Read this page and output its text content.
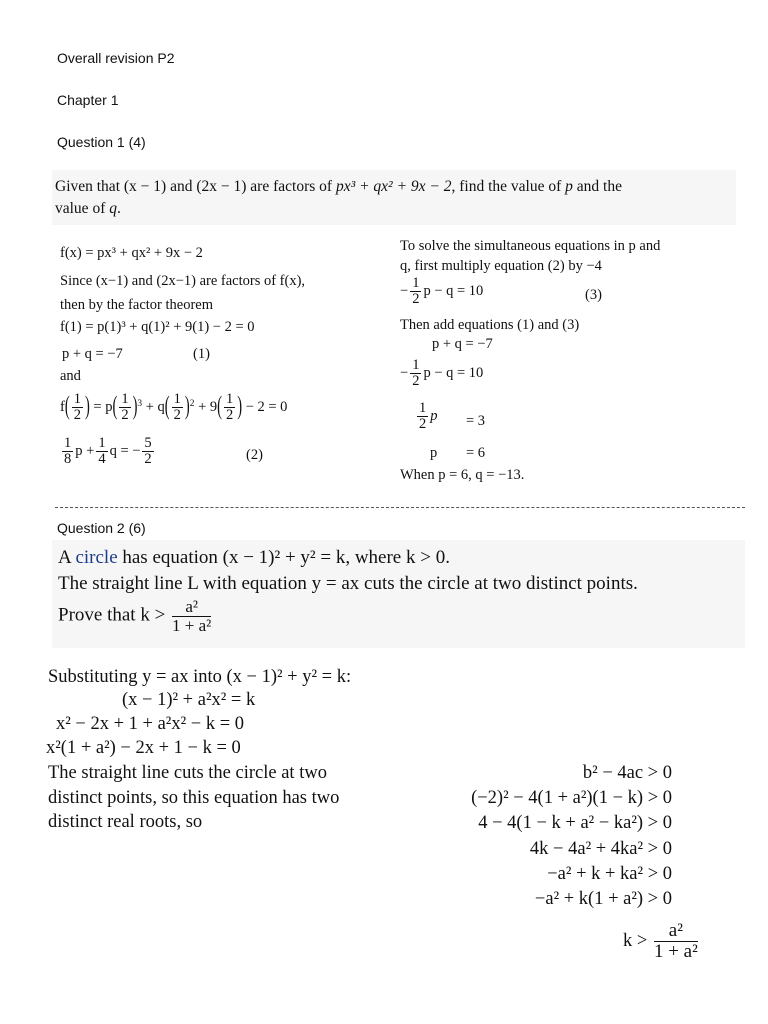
Overall revision P2
Chapter 1
Question 1 (4)
Given that (x − 1) and (2x − 1) are factors of px³ + qx² + 9x − 2, find the value of p and the
value of q.
f(x) = px³ + qx² + 9x − 2
Since (x−1) and (2x−1) are factors of f(x),
then by the factor theorem
f(1) = p(1)³ + q(1)² + 9(1) − 2 = 0
p + q = −7	(1)
and
$f( \frac{1}{2}$ ) = $p( \frac{1}{2} )^3 + q( \frac{1}{2} )^2 + 9( \frac{1}{2}$ ) − 2 = 0
$\frac{1}{8}$ $p + \frac{1}{4}$ q = − $\frac{5}{2}$	(2)
To solve the simultaneous equations in p and
q, first multiply equation (2) by −4
− $\frac{1}{2}$ p − q = 10	(3)
Then add equations (1) and (3)
p + q = −7
− $\frac{1}{2}$ p − q = 10
$\frac{1}{2}$ p = 3
p = 6
When p = 6, q = −13.
Question 2 (6)
A circle has equation (x − 1)² + y² = k, where k > 0.
The straight line L with equation y = ax cuts the circle at two distinct points.
Prove that $k > \frac{\text{a²}}{\text{1 + a²}}$
Substituting y = ax into (x − 1)² + y² = k:
(x − 1)² + a²x² = k
x² − 2x + 1 + a²x² − k = 0
x²(1 + a²) − 2x + 1 − k = 0
The straight line cuts the circle at two
distinct points, so this equation has two
distinct real roots, so
b² − 4ac > 0
(−2)² − 4(1 + a²)(1 − k) > 0
4 − 4(1 − k + a² − ka²) > 0
4k − 4a² + 4ka² > 0
−a² + k + ka² > 0
−a² + k(1 + a²) > 0
$k > \frac{\text{a²}}{\text{1 + a²}}$
